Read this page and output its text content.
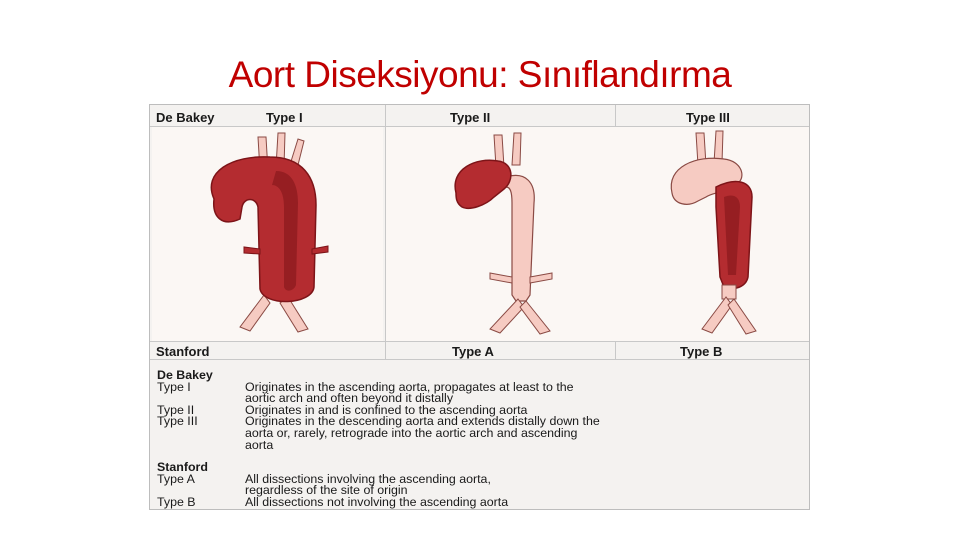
Aort Diseksiyonu: Sınıflandırma
De Bakey	Type I	Type II	Type III
Stanford	Type A	Type B
De Bakey
Type I	Originates in the ascending aorta, propagates at least to the
aortic arch and often beyond it distally
Type II	Originates in and is confined to the ascending aorta
Type III	Originates in the descending aorta and extends distally down the
aorta or, rarely, retrograde into the aortic arch and ascending
aorta
Stanford
Type A	All dissections involving the ascending aorta,
regardless of the site of origin
Type B	All dissections not involving the ascending aorta
